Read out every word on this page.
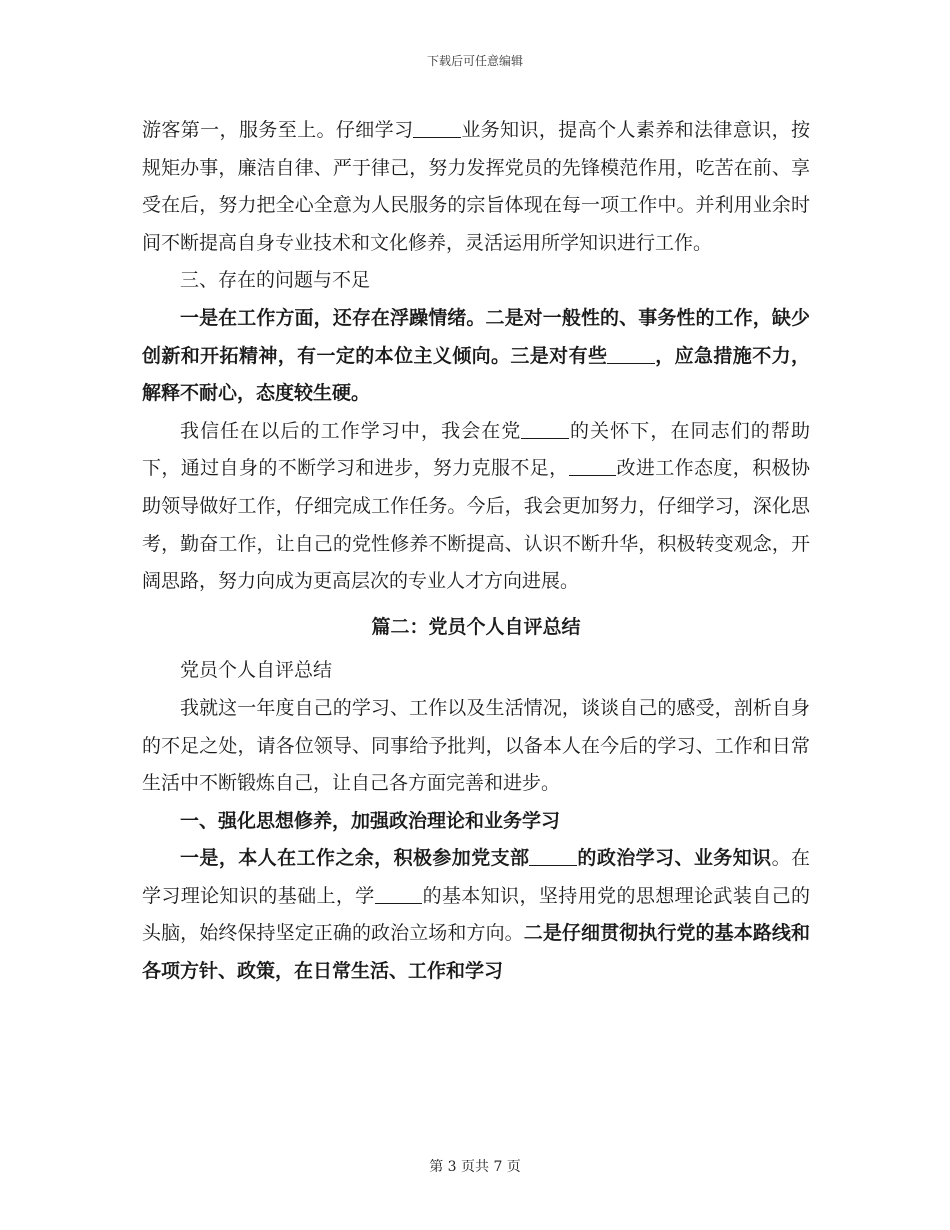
下载后可任意编辑

游客第一，服务至上。仔细学习	业务知识，提高个人素养和法律意识，按规矩办事，廉洁自律、严于律己，努力发挥党员的先锋模范作用，吃苦在前、享受在后，努力把全心全意为人民服务的宗旨体现在每一项工作中。并利用业余时间不断提高自身专业技术和文化修养，灵活运用所学知识进行工作。

三、存在的问题与不足

一是在工作方面，还存在浮躁情绪。二是对一般性的、事务性的工作，缺少创新和开拓精神，有一定的本位主义倾向。三是对有些	，应急措施不力，解释不耐心，态度较生硬。

我信任在以后的工作学习中，我会在党	的关怀下，在同志们的帮助下，通过自身的不断学习和进步，努力克服不足，	改进工作态度，积极协助领导做好工作，仔细完成工作任务。今后，我会更加努力，仔细学习，深化思考，勤奋工作，让自己的党性修养不断提高、认识不断升华，积极转变观念，开阔思路，努力向成为更高层次的专业人才方向进展。

篇二：党员个人自评总结

党员个人自评总结

我就这一年度自己的学习、工作以及生活情况，谈谈自己的感受，剖析自身的不足之处，请各位领导、同事给予批判，以备本人在今后的学习、工作和日常生活中不断锻炼自己，让自己各方面完善和进步。

一、强化思想修养，加强政治理论和业务学习

一是，本人在工作之余，积极参加党支部	的政治学习、业务知识。在学习理论知识的基础上，学	的基本知识，坚持用党的思想理论武装自己的头脑，始终保持坚定正确的政治立场和方向。二是仔细贯彻执行党的基本路线和各项方针、政策，在日常生活、工作和学习

第 3 页共 7 页
